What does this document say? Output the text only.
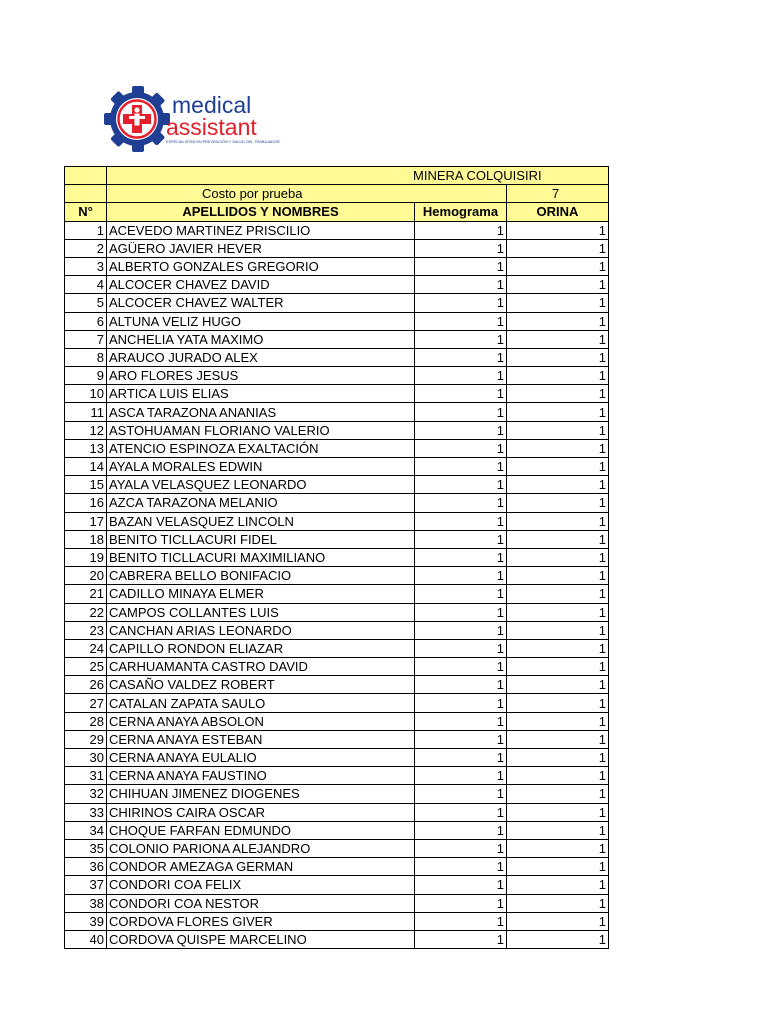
medical
assistant
ESPECIALISTAS EN PREVENCIÓN Y SALUD DEL TRABAJADOR
	MINERA COLQUISIRI		
	Costo por prueba		7
N°	APELLIDOS Y NOMBRES	Hemograma	ORINA
1	ACEVEDO MARTINEZ PRISCILIO	1	1
2	AGÜERO JAVIER HEVER	1	1
3	ALBERTO GONZALES GREGORIO	1	1
4	ALCOCER CHAVEZ DAVID	1	1
5	ALCOCER CHAVEZ WALTER	1	1
6	ALTUNA VELIZ HUGO	1	1
7	ANCHELIA YATA MAXIMO	1	1
8	ARAUCO JURADO ALEX	1	1
9	ARO FLORES JESUS	1	1
10	ARTICA LUIS ELIAS	1	1
11	ASCA TARAZONA ANANIAS	1	1
12	ASTOHUAMAN FLORIANO VALERIO	1	1
13	ATENCIO ESPINOZA EXALTACIÓN	1	1
14	AYALA MORALES EDWIN	1	1
15	AYALA VELASQUEZ LEONARDO	1	1
16	AZCA TARAZONA MELANIO	1	1
17	BAZAN VELASQUEZ LINCOLN	1	1
18	BENITO TICLLACURI FIDEL	1	1
19	BENITO TICLLACURI MAXIMILIANO	1	1
20	CABRERA BELLO BONIFACIO	1	1
21	CADILLO MINAYA ELMER	1	1
22	CAMPOS COLLANTES LUIS	1	1
23	CANCHAN ARIAS LEONARDO	1	1
24	CAPILLO RONDON ELIAZAR	1	1
25	CARHUAMANTA CASTRO DAVID	1	1
26	CASAÑO VALDEZ ROBERT	1	1
27	CATALAN ZAPATA SAULO	1	1
28	CERNA ANAYA ABSOLON	1	1
29	CERNA ANAYA ESTEBAN	1	1
30	CERNA ANAYA EULALIO	1	1
31	CERNA ANAYA FAUSTINO	1	1
32	CHIHUAN JIMENEZ DIOGENES	1	1
33	CHIRINOS CAIRA OSCAR	1	1
34	CHOQUE FARFAN EDMUNDO	1	1
35	COLONIO PARIONA ALEJANDRO	1	1
36	CONDOR AMEZAGA GERMAN	1	1
37	CONDORI COA FELIX	1	1
38	CONDORI COA NESTOR	1	1
39	CORDOVA FLORES GIVER	1	1
40	CORDOVA QUISPE MARCELINO	1	1
